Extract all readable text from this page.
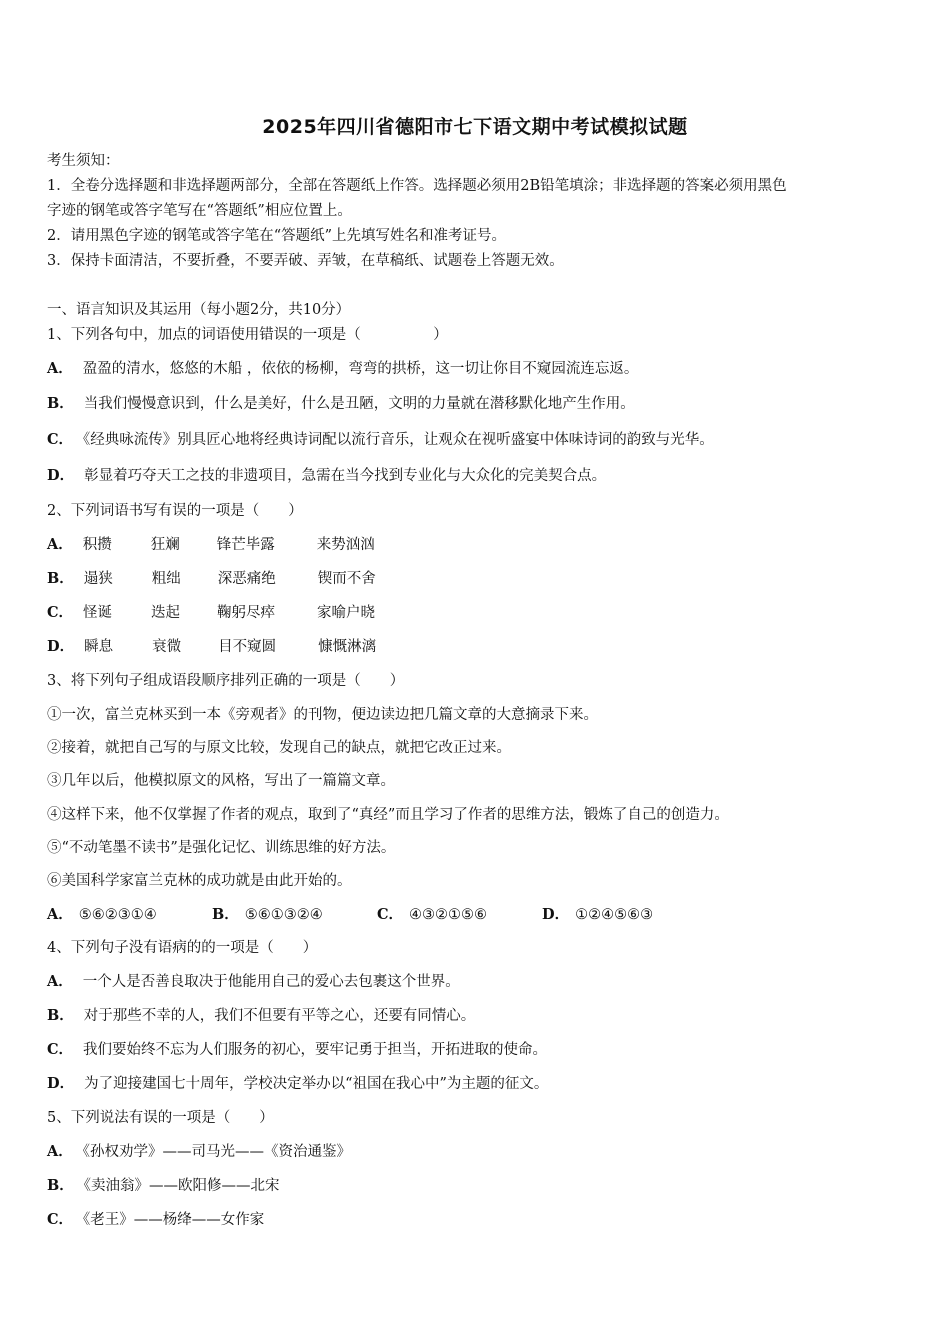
2025年四川省德阳市七下语文期中考试模拟试题
考生须知：
1．全卷分选择题和非选择题两部分，全部在答题纸上作答。选择题必须用2B铅笔填涂；非选择题的答案必须用黑色
字迹的钢笔或答字笔写在“答题纸”相应位置上。
2．请用黑色字迹的钢笔或答字笔在“答题纸”上先填写姓名和准考证号。
3．保持卡面清洁，不要折叠，不要弄破、弄皱，在草稿纸、试题卷上答题无效。
一、语言知识及其运用（每小题2分，共10分）
1、下列各句中，加点的词语使用错误的一项是（　　　　　）
A． 盈盈的清水，悠悠的木船 ，依依的杨柳，弯弯的拱桥，这一切让你目不窥园流连忘返。
B． 当我们慢慢意识到，什么是美好，什么是丑陋，文明的力量就在潜移默化地产生作用。
C． 《经典咏流传》别具匠心地将经典诗词配以流行音乐，让观众在视听盛宴中体味诗词的韵致与光华。
D． 彰显着巧夺天工之技的非遗项目，急需在当今找到专业化与大众化的完美契合点。
2、下列词语书写有误的一项是（　　）
A． 积攒	狂斓	锋芒毕露	来势汹汹
B． 遢狭	粗绌	深恶痛绝	锲而不舍
C． 怪诞	迭起	鞠躬尽瘁	家喻户晓
D． 瞬息	衰微	目不窥圆	慷慨淋漓
3、将下列句子组成语段顺序排列正确的一项是（　　）
①一次，富兰克林买到一本《旁观者》的刊物，便边读边把几篇文章的大意摘录下来。
②接着，就把自己写的与原文比较，发现自己的缺点，就把它改正过来。
③几年以后，他模拟原文的风格，写出了一篇篇文章。
④这样下来，他不仅掌握了作者的观点，取到了“真经”而且学习了作者的思维方法，锻炼了自己的创造力。
⑤“不动笔墨不读书”是强化记忆、训练思维的好方法。
⑥美国科学家富兰克林的成功就是由此开始的。
A． ⑤⑥②③①④	B． ⑤⑥①③②④	C． ④③②①⑤⑥	D． ①②④⑤⑥③
4、下列句子没有语病的的一项是（　　）
A． 一个人是否善良取决于他能用自己的爱心去包裹这个世界。
B． 对于那些不幸的人，我们不但要有平等之心，还要有同情心。
C． 我们要始终不忘为人们服务的初心，要牢记勇于担当，开拓进取的使命。
D． 为了迎接建国七十周年，学校决定举办以“祖国在我心中”为主题的征文。
5、下列说法有误的一项是（　　）
A． 《孙权劝学》——司马光——《资治通鉴》
B． 《卖油翁》——欧阳修——北宋
C． 《老王》——杨绛——女作家
